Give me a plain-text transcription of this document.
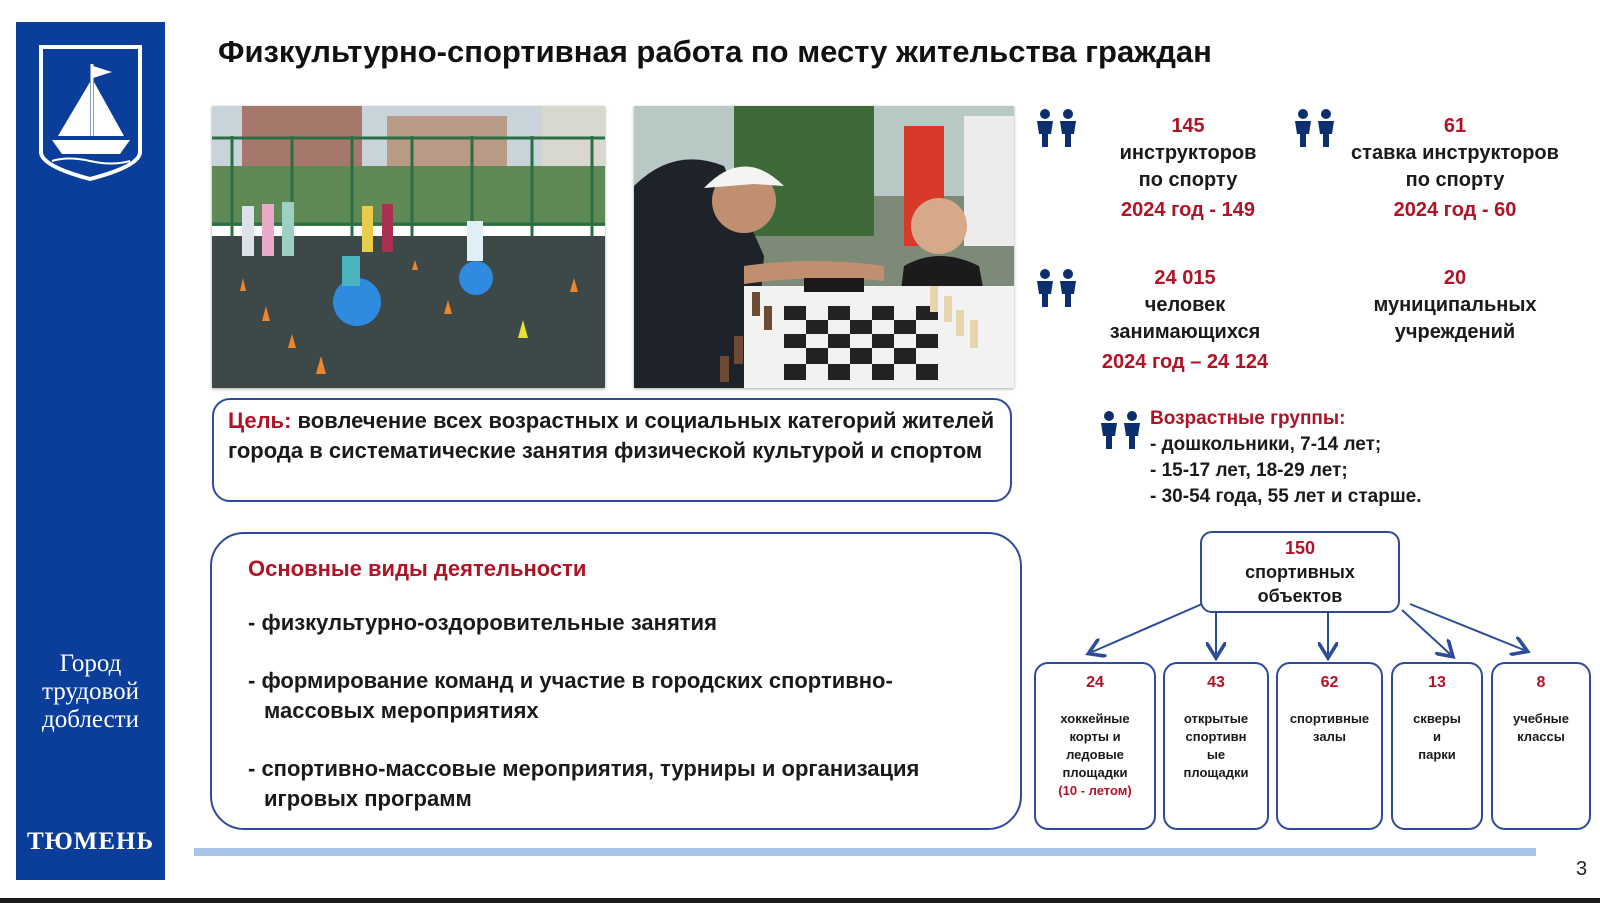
Город трудовой доблести
ТЮМЕНЬ
Физкультурно-спортивная работа по месту жительства граждан
Цель: вовлечение всех возрастных и социальных категорий жителей города в систематические занятия физической культурой и спортом
Основные виды деятельности
- физкультурно-оздоровительные занятия
- формирование команд и участие в городских спортивно-массовых мероприятиях
- спортивно-массовые мероприятия, турниры и организация игровых программ
145
инструкторов
по спорту
2024 год - 149
61
ставка инструкторов
по спорту
2024 год - 60
24 015
человек
занимающихся
2024 год – 24 124
20
муниципальных
учреждений
Возрастные группы:
- дошкольники, 7-14 лет;
- 15-17 лет, 18-29 лет;
- 30-54 года, 55 лет и старше.
150
спортивных
объектов
24
хоккейные
корты и
ледовые
площадки
(10 - летом)
43
открытые
спортивн
ые
площадки
62
спортивные
залы
13
скверы
и
парки
8
учебные
классы
3
